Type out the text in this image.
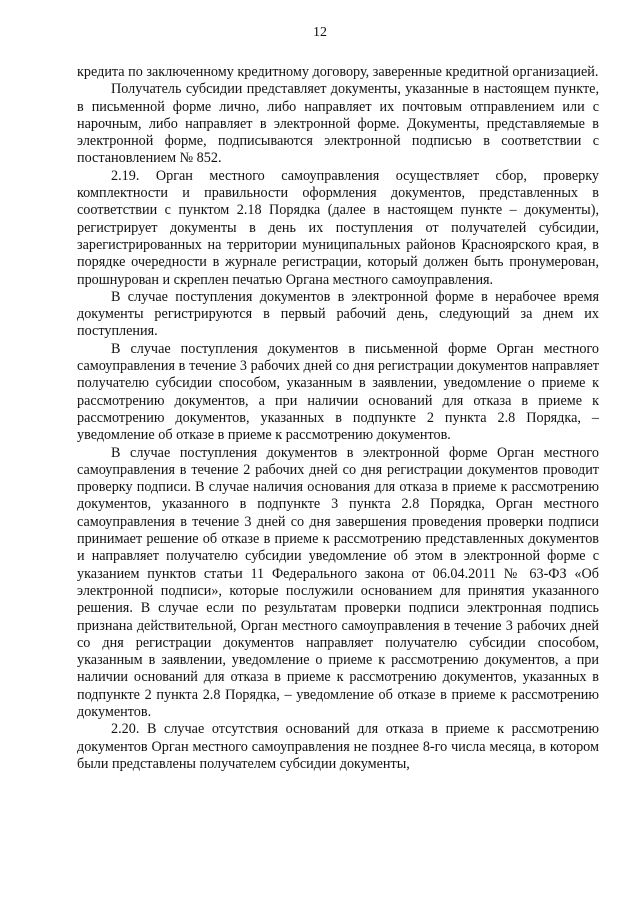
12

кредита по заключенному кредитному договору, заверенные кредитной организацией.

Получатель субсидии представляет документы, указанные в настоящем пункте, в письменной форме лично, либо направляет их почтовым отправлением или с нарочным, либо направляет в электронной форме. Документы, представляемые в электронной форме, подписываются электронной подписью в соответствии с постановлением № 852.

2.19. Орган местного самоуправления осуществляет сбор, проверку комплектности и правильности оформления документов, представленных в соответствии с пунктом 2.18 Порядка (далее в настоящем пункте – документы), регистрирует документы в день их поступления от получателей субсидии, зарегистрированных на территории муниципальных районов Красноярского края, в порядке очередности в журнале регистрации, который должен быть пронумерован, прошнурован и скреплен печатью Органа местного самоуправления.

В случае поступления документов в электронной форме в нерабочее время документы регистрируются в первый рабочий день, следующий за днем их поступления.

В случае поступления документов в письменной форме Орган местного самоуправления в течение 3 рабочих дней со дня регистрации документов направляет получателю субсидии способом, указанным в заявлении, уведомление о приеме к рассмотрению документов, а при наличии оснований для отказа в приеме к рассмотрению документов, указанных в подпункте 2 пункта 2.8 Порядка, – уведомление об отказе в приеме к рассмотрению документов.

В случае поступления документов в электронной форме Орган местного самоуправления в течение 2 рабочих дней со дня регистрации документов проводит проверку подписи. В случае наличия основания для отказа в приеме к рассмотрению документов, указанного в подпункте 3 пункта 2.8 Порядка, Орган местного самоуправления в течение 3 дней со дня завершения проведения проверки подписи принимает решение об отказе в приеме к рассмотрению представленных документов и направляет получателю субсидии уведомление об этом в электронной форме с указанием пунктов статьи 11 Федерального закона от 06.04.2011 № 63-ФЗ «Об электронной подписи», которые послужили основанием для принятия указанного решения. В случае если по результатам проверки подписи электронная подпись признана действительной, Орган местного самоуправления в течение 3 рабочих дней со дня регистрации документов направляет получателю субсидии способом, указанным в заявлении, уведомление о приеме к рассмотрению документов, а при наличии оснований для отказа в приеме к рассмотрению документов, указанных в подпункте 2 пункта 2.8 Порядка, – уведомление об отказе в приеме к рассмотрению документов.

2.20. В случае отсутствия оснований для отказа в приеме к рассмотрению документов Орган местного самоуправления не позднее 8-го числа месяца, в котором были представлены получателем субсидии документы,
